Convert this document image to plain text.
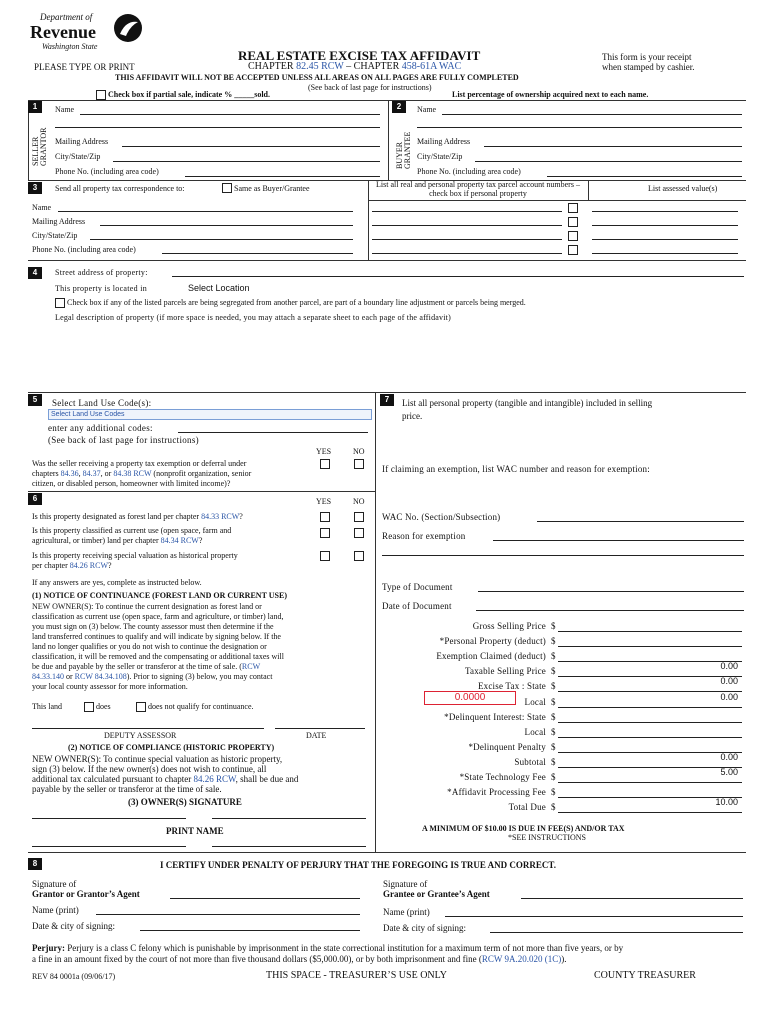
Department of
Revenue
Washington State
REAL ESTATE EXCISE TAX AFFIDAVIT
CHAPTER 82.45 RCW – CHAPTER 458-61A WAC
This form is your receipt
when stamped by cashier.
PLEASE TYPE OR PRINT
THIS AFFIDAVIT WILL NOT BE ACCEPTED UNLESS ALL AREAS ON ALL PAGES ARE FULLY COMPLETED
(See back of last page for instructions)
Check box if partial sale, indicate % _____sold.	List percentage of ownership acquired next to each name.
1
SELLER GRANTOR
Name
Mailing Address
City/State/Zip
Phone No. (including area code)
2
BUYER GRANTEE
Name
Mailing Address
City/State/Zip
Phone No. (including area code)
3	Send all property tax correspondence to:	Same as Buyer/Grantee
Name
Mailing Address
City/State/Zip
Phone No. (including area code)
List all real and personal property tax parcel account numbers – check box if personal property
List assessed value(s)
4	Street address of property:
This property is located in	Select Location
Check box if any of the listed parcels are being segregated from another parcel, are part of a boundary line adjustment or parcels being merged.
Legal description of property (if more space is needed, you may attach a separate sheet to each page of the affidavit)
5	Select Land Use Code(s):
Select Land Use Codes
enter any additional codes:
(See back of last page for instructions)
YES	NO
Was the seller receiving a property tax exemption or deferral under
chapters 84.36, 84.37, or 84.38 RCW (nonprofit organization, senior
citizen, or disabled person, homeowner with limited income)?
6	YES	NO
Is this property designated as forest land per chapter 84.33 RCW?
Is this property classified as current use (open space, farm and
agricultural, or timber) land per chapter 84.34 RCW?
Is this property receiving special valuation as historical property
per chapter 84.26 RCW?
If any answers are yes, complete as instructed below.
(1) NOTICE OF CONTINUANCE (FOREST LAND OR CURRENT USE)
NEW OWNER(S): To continue the current designation as forest land or
classification as current use (open space, farm and agriculture, or timber) land,
you must sign on (3) below. The county assessor must then determine if the
land transferred continues to qualify and will indicate by signing below. If the
land no longer qualifies or you do not wish to continue the designation or
classification, it will be removed and the compensating or additional taxes will
be due and payable by the seller or transferor at the time of sale. (RCW
84.33.140 or RCW 84.34.108). Prior to signing (3) below, you may contact
your local county assessor for more information.
This land	does	does not qualify for continuance.
DEPUTY ASSESSOR	DATE
(2) NOTICE OF COMPLIANCE (HISTORIC PROPERTY)
NEW OWNER(S): To continue special valuation as historic property,
sign (3) below. If the new owner(s) does not wish to continue, all
additional tax calculated pursuant to chapter 84.26 RCW, shall be due and
payable by the seller or transferor at the time of sale.
(3) OWNER(S) SIGNATURE
PRINT NAME
7	List all personal property (tangible and intangible) included in selling
price.
If claiming an exemption, list WAC number and reason for exemption:
WAC No. (Section/Subsection)
Reason for exemption
Type of Document
Date of Document
Gross Selling Price $
*Personal Property (deduct) $
Exemption Claimed (deduct) $
Taxable Selling Price $	0.00
Excise Tax : State $	0.00
Local $	0.00
*Delinquent Interest: State $
Local $
*Delinquent Penalty $
Subtotal $	0.00
*State Technology Fee $	5.00
*Affidavit Processing Fee $
Total Due $	10.00
0.0000
A MINIMUM OF $10.00 IS DUE IN FEE(S) AND/OR TAX
*SEE INSTRUCTIONS
8	I CERTIFY UNDER PENALTY OF PERJURY THAT THE FOREGOING IS TRUE AND CORRECT.
Signature of
Grantor or Grantor’s Agent
Name (print)
Date & city of signing:
Signature of
Grantee or Grantee’s Agent
Name (print)
Date & city of signing:
Perjury: Perjury is a class C felony which is punishable by imprisonment in the state correctional institution for a maximum term of not more than five years, or by
a fine in an amount fixed by the court of not more than five thousand dollars ($5,000.00), or by both imprisonment and fine (RCW 9A.20.020 (1C)).
REV 84 0001a (09/06/17)	THIS SPACE - TREASURER’S USE ONLY	COUNTY TREASURER
